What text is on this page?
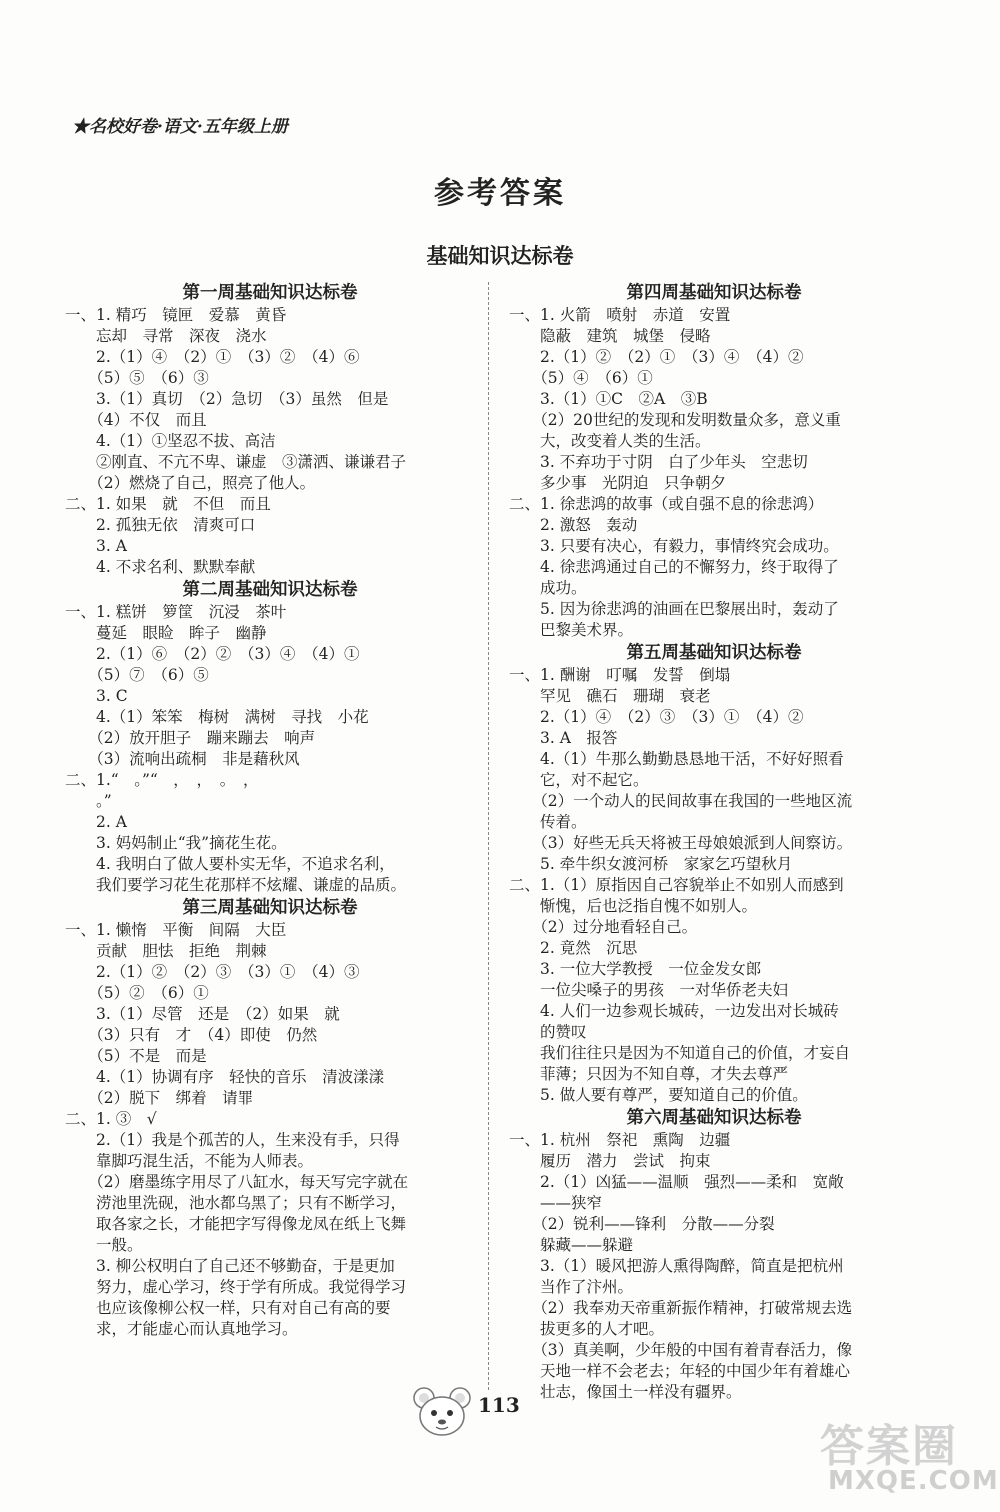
★名校好卷·语文·五年级上册
参考答案
基础知识达标卷
第一周基础知识达标卷
一、1. 精巧　镜匣　爱慕　黄昏
　　忘却　寻常　深夜　浇水
　　2.（1）④　（2）①　（3）②　（4）⑥
　　（5）⑤　（6）③
　　3.（1）真切　（2）急切　（3）虽然　但是
　　（4）不仅　而且
　　4.（1）①坚忍不拔、高洁
　　②刚直、不亢不卑、谦虚　③潇洒、谦谦君子
　　（2）燃烧了自己，照亮了他人。
二、1. 如果　就　不但　而且
　　2. 孤独无依　清爽可口
　　3. A
　　4. 不求名利、默默奉献
第二周基础知识达标卷
一、1. 糕饼　箩筐　沉浸　茶叶
　　蔓延　眼睑　眸子　幽静
　　2.（1）⑥　（2）②　（3）④　（4）①
　　（5）⑦　（6）⑤
　　3. C
　　4.（1）笨笨　梅树　满树　寻找　小花
　　（2）放开胆子　蹦来蹦去　响声
　　（3）流响出疏桐　非是藉秋风
二、1.“　。”“　，　，　。　，
　　。”
　　2. A
　　3. 妈妈制止“我”摘花生花。
　　4. 我明白了做人要朴实无华，不追求名利，
　　我们要学习花生花那样不炫耀、谦虚的品质。
第三周基础知识达标卷
一、1. 懒惰　平衡　间隔　大臣
　　贡献　胆怯　拒绝　荆棘
　　2.（1）②　（2）③　（3）①　（4）③
　　（5）②　（6）①
　　3.（1）尽管　还是　（2）如果　就
　　（3）只有　才　（4）即使　仍然
　　（5）不是　而是
　　4.（1）协调有序　轻快的音乐　清波漾漾
　　（2）脱下　绑着　请罪
二、1. ③　√
　　2.（1）我是个孤苦的人，生来没有手，只得
　　靠脚巧混生活，不能为人师表。
　　（2）磨墨练字用尽了八缸水，每天写完字就在
　　涝池里洗砚，池水都乌黑了；只有不断学习，
　　取各家之长，才能把字写得像龙凤在纸上飞舞
　　一般。
　　3. 柳公权明白了自己还不够勤奋，于是更加
　　努力，虚心学习，终于学有所成。我觉得学习
　　也应该像柳公权一样，只有对自己有高的要
　　求，才能虚心而认真地学习。
第四周基础知识达标卷
一、1. 火箭　喷射　赤道　安置
　　隐蔽　建筑　城堡　侵略
　　2.（1）②　（2）①　（3）④　（4）②
　　（5）④　（6）①
　　3.（1）①C　②A　③B
　　（2）20世纪的发现和发明数量众多，意义重
　　大，改变着人类的生活。
　　3. 不弃功于寸阴　白了少年头　空悲切
　　多少事　光阴迫　只争朝夕
二、1. 徐悲鸿的故事（或自强不息的徐悲鸿）
　　2. 激怒　轰动
　　3. 只要有决心，有毅力，事情终究会成功。
　　4. 徐悲鸿通过自己的不懈努力，终于取得了
　　成功。
　　5. 因为徐悲鸿的油画在巴黎展出时，轰动了
　　巴黎美术界。
第五周基础知识达标卷
一、1. 酬谢　叮嘱　发誓　倒塌
　　罕见　礁石　珊瑚　衰老
　　2.（1）④　（2）③　（3）①　（4）②
　　3. A　报答
　　4.（1）牛那么勤勤恳恳地干活，不好好照看
　　它，对不起它。
　　（2）一个动人的民间故事在我国的一些地区流
　　传着。
　　（3）好些无兵天将被王母娘娘派到人间察访。
　　5. 牵牛织女渡河桥　家家乞巧望秋月
二、1.（1）原指因自己容貌举止不如别人而感到
　　惭愧，后也泛指自愧不如别人。
　　（2）过分地看轻自己。
　　2. 竟然　沉思
　　3. 一位大学教授　一位金发女郎
　　一位尖嗓子的男孩　一对华侨老夫妇
　　4. 人们一边参观长城砖，一边发出对长城砖
　　的赞叹
　　我们往往只是因为不知道自己的价值，才妄自
　　菲薄；只因为不知自尊，才失去尊严
　　5. 做人要有尊严，要知道自己的价值。
第六周基础知识达标卷
一、1. 杭州　祭祀　熏陶　边疆
　　履历　潜力　尝试　拘束
　　2.（1）凶猛——温顺　强烈——柔和　宽敞
　　——狭窄
　　（2）锐利——锋利　分散——分裂
　　躲藏——躲避
　　3.（1）暖风把游人熏得陶醉，简直是把杭州
　　当作了汴州。
　　（2）我奉劝天帝重新振作精神，打破常规去选
　　拔更多的人才吧。
　　（3）真美啊，少年般的中国有着青春活力，像
　　天地一样不会老去；年轻的中国少年有着雄心
　　壮志，像国土一样没有疆界。
113
答案圈
MXQE.COM
